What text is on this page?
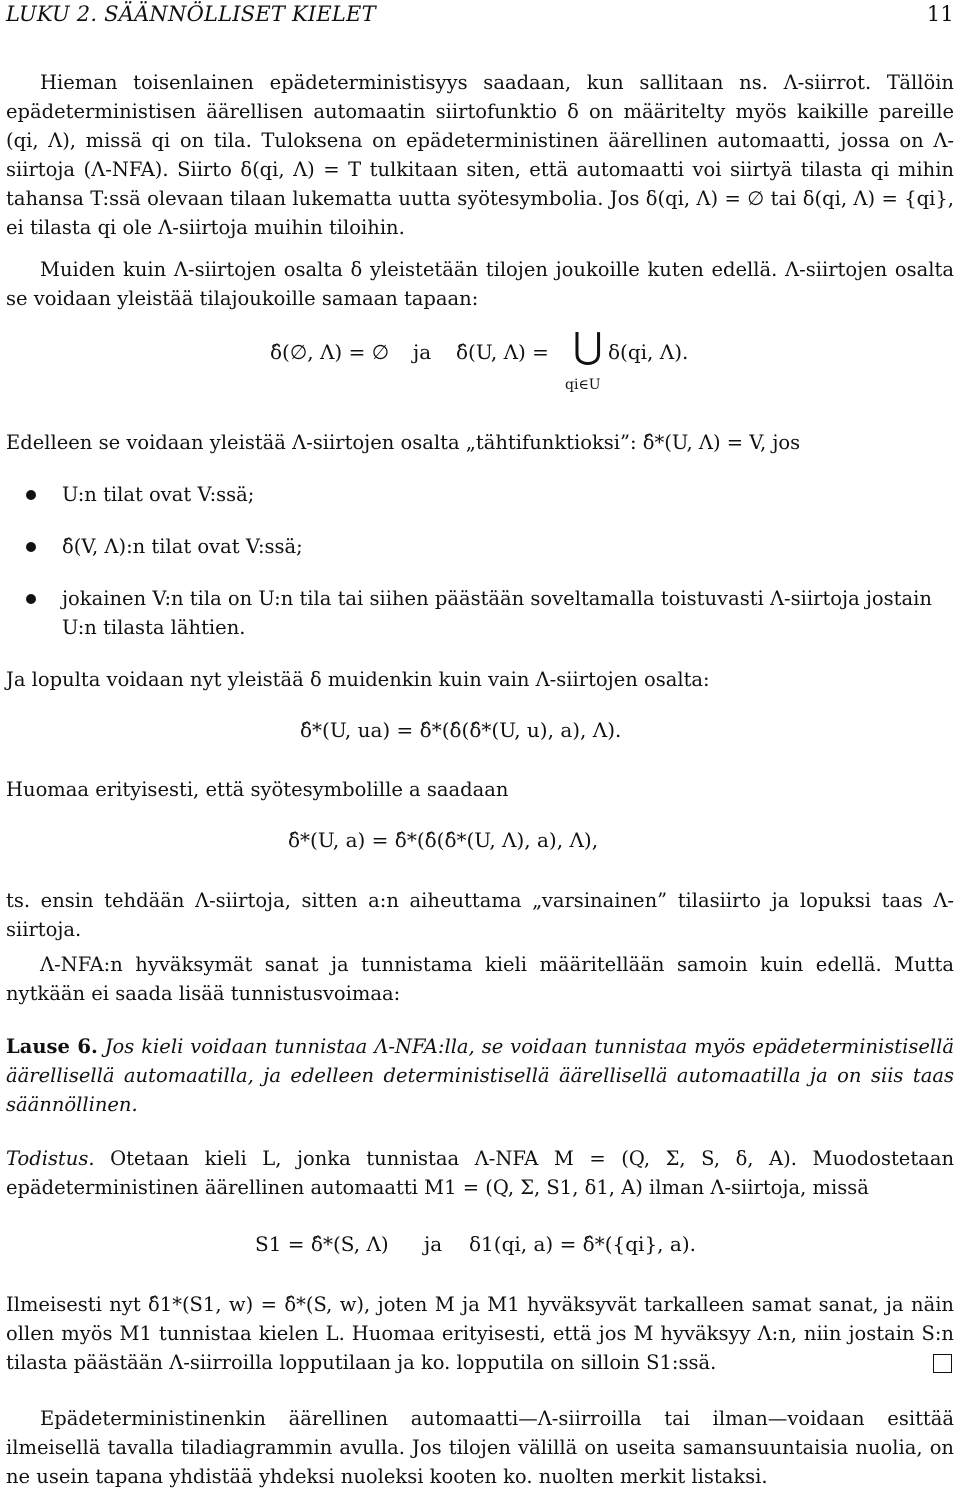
LUKU 2. SÄÄNNÖLLISET KIELET	11
Hieman toisenlainen epädeterministisyys saadaan, kun sallitaan ns. Λ-siirrot. Tällöin epädeterministisen äärellisen automaatin siirtofunktio δ on määritelty myös kaikille pareille (qi, Λ), missä qi on tila. Tuloksena on epädeterministinen äärellinen automaatti, jossa on Λ-siirtoja (Λ-NFA). Siirto δ(qi, Λ) = T tulkitaan siten, että automaatti voi siirtyä tilasta qi mihin tahansa T:ssä olevaan tilaan lukematta uutta syötesymbolia. Jos δ(qi, Λ) = ∅ tai δ(qi, Λ) = {qi}, ei tilasta qi ole Λ-siirtoja muihin tiloihin.
Muiden kuin Λ-siirtojen osalta δ yleistetään tilojen joukoille kuten edellä. Λ-siirtojen osalta se voidaan yleistää tilajoukoille samaan tapaan:
δ̂(∅, Λ) = ∅ ja δ̂(U, Λ) = ⋃
qi∈U
δ(qi, Λ).
Edelleen se voidaan yleistää Λ-siirtojen osalta „tähtifunktioksi”: δ̂*(U, Λ) = V, jos
U:n tilat ovat V:ssä;
δ̂(V, Λ):n tilat ovat V:ssä;
jokainen V:n tila on U:n tila tai siihen päästään soveltamalla toistuvasti Λ-siirtoja jostain U:n tilasta lähtien.
Ja lopulta voidaan nyt yleistää δ muidenkin kuin vain Λ-siirtojen osalta:
δ̂*(U, ua) = δ̂*(δ̂(δ̂*(U, u), a), Λ).
Huomaa erityisesti, että syötesymbolille a saadaan
δ̂*(U, a) = δ̂*(δ̂(δ̂*(U, Λ), a), Λ),
ts. ensin tehdään Λ-siirtoja, sitten a:n aiheuttama „varsinainen” tilasiirto ja lopuksi taas Λ-siirtoja.
Λ-NFA:n hyväksymät sanat ja tunnistama kieli määritellään samoin kuin edellä. Mutta nytkään ei saada lisää tunnistusvoimaa:
Lause 6. Jos kieli voidaan tunnistaa Λ-NFA:lla, se voidaan tunnistaa myös epädeterministisellä äärellisellä automaatilla, ja edelleen deterministisellä äärellisellä automaatilla ja on siis taas säännöllinen.
Todistus. Otetaan kieli L, jonka tunnistaa Λ-NFA M = (Q, Σ, S, δ, A). Muodostetaan epädeterministinen äärellinen automaatti M1 = (Q, Σ, S1, δ1, A) ilman Λ-siirtoja, missä
S1 = δ̂*(S, Λ) ja δ1(qi, a) = δ̂*({qi}, a).
Ilmeisesti nyt δ̂1*(S1, w) = δ̂*(S, w), joten M ja M1 hyväksyvät tarkalleen samat sanat, ja näin ollen myös M1 tunnistaa kielen L. Huomaa erityisesti, että jos M hyväksyy Λ:n, niin jostain S:n tilasta päästään Λ-siirroilla lopputilaan ja ko. lopputila on silloin S1:ssä.
Epädeterministinenkin äärellinen automaatti—Λ-siirroilla tai ilman—voidaan esittää ilmeisellä tavalla tiladiagrammin avulla. Jos tilojen välillä on useita samansuuntaisia nuolia, on ne usein tapana yhdistää yhdeksi nuoleksi kooten ko. nuolten merkit listaksi.
